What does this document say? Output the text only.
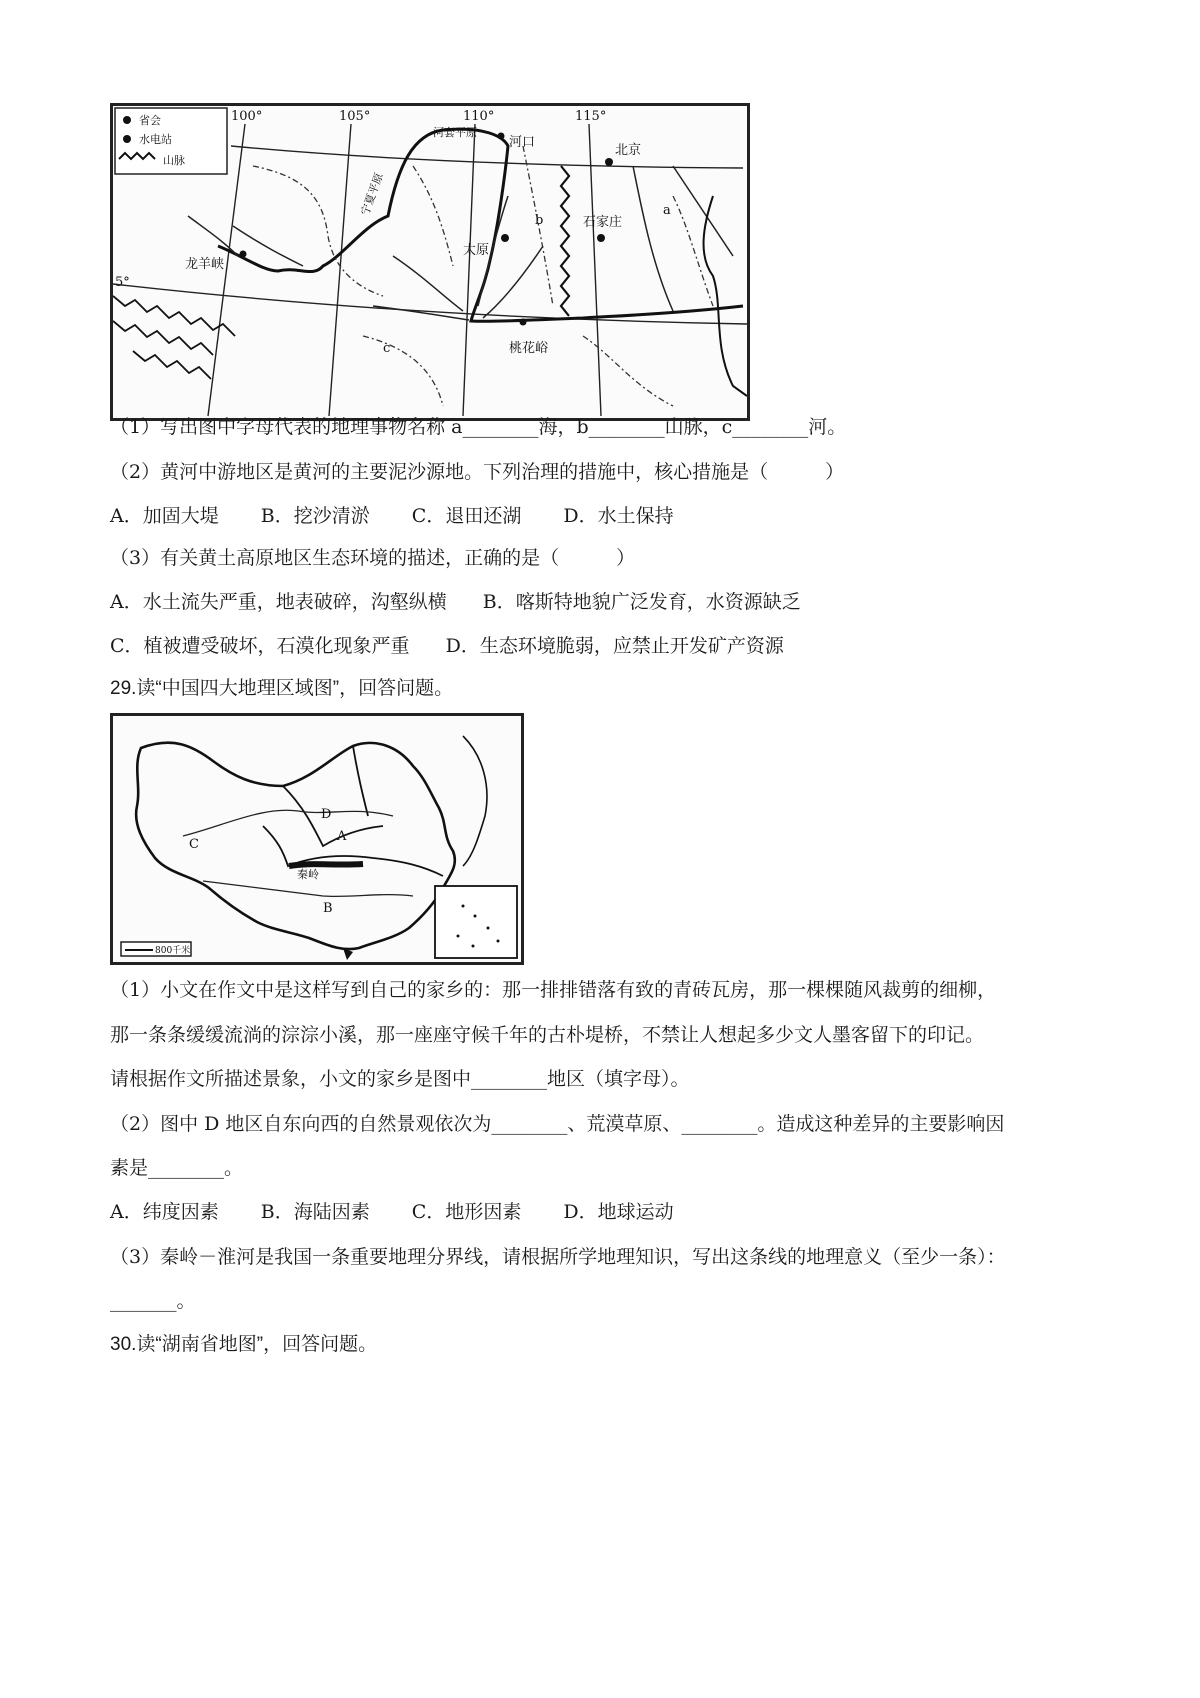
省会
水电站
山脉
100°	105°	110°	115°
5°
北京
石家庄
太原
河口
龙羊峡
桃花峪
河套平原
宁夏平原	a
b
c
（1）写出图中字母代表的地理事物名称 a________海，b________山脉，c________河。
（2）黄河中游地区是黄河的主要泥沙源地。下列治理的措施中，核心措施是（　　　）
A．加固大堤 B．挖沙清淤 C．退田还湖 D．水土保持
（3）有关黄土高原地区生态环境的描述，正确的是（　　　）
A．水土流失严重，地表破碎，沟壑纵横 B．喀斯特地貌广泛发育，水资源缺乏
C．植被遭受破坏，石漠化现象严重 D．生态环境脆弱，应禁止开发矿产资源
29.读“中国四大地理区域图”，回答问题。
800千米
D
A
C
B
秦岭
（1）小文在作文中是这样写到自己的家乡的：那一排排错落有致的青砖瓦房，那一棵棵随风裁剪的细柳，
那一条条缓缓流淌的淙淙小溪，那一座座守候千年的古朴堤桥，不禁让人想起多少文人墨客留下的印记。
请根据作文所描述景象，小文的家乡是图中________地区（填字母）。
（2）图中 D 地区自东向西的自然景观依次为________、荒漠草原、________。造成这种差异的主要影响因
素是________。
A．纬度因素 B．海陆因素 C．地形因素 D．地球运动
（3）秦岭－淮河是我国一条重要地理分界线，请根据所学地理知识，写出这条线的地理意义（至少一条）：
_______。
30.读“湖南省地图”，回答问题。
